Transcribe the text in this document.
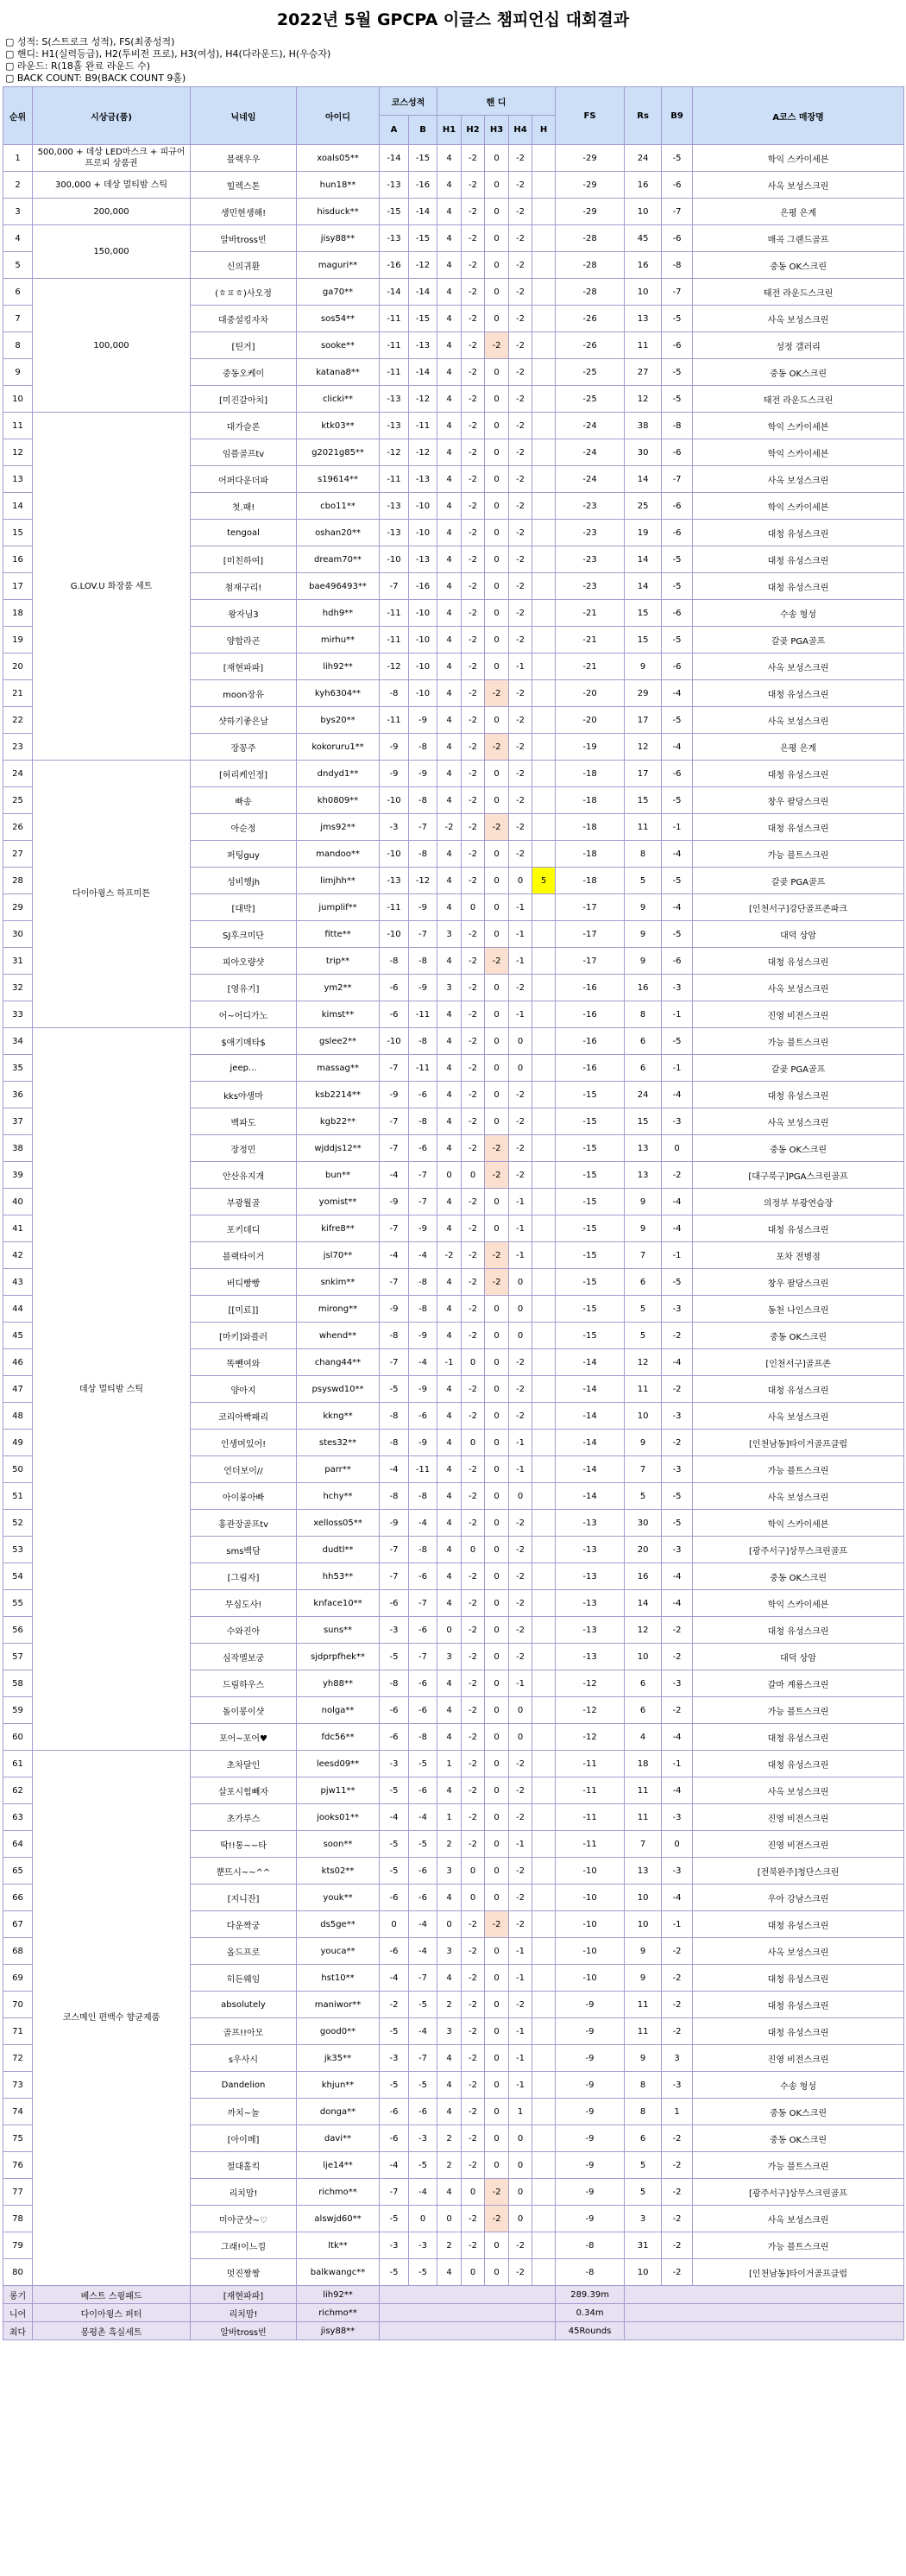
2022년 5월 GPCPA 이글스 챔피언십 대회결과
▢ 성적: S(스트로크 성적), FS(최종성적)
▢ 핸디: H1(실력등급), H2(투비전 프로), H3(여성), H4(다라운드), H(우승자)
▢ 라운드: R(18홀 완료 라운드 수)
▢ BACK COUNT: B9(BACK COUNT 9홀)
순위	시상금(품)	닉네임	아이디	코스성적		핸 디					FS	Rs	B9	A코스 매장명	
				A	B	H1	H2	H3	H4	H					
1	500,000 + 데상 LED마스크 + 피규어 프로피 상품권	블랙우우	xoals05**	-14	-15	4	-2	0	-2		-29	24	-5	학익 스카이세븐	
2	300,000 + 데상 멀티밤 스틱	힐렉스톤	hun18**	-13	-16	4	-2	0	-2		-29	16	-6	사옥 보성스크린	
3	200,000	생민현생해!	hisduck**	-15	-14	4	-2	0	-2		-29	10	-7	은평 은계	
4	150,000	알바tross빈	jisy88**	-13	-15	4	-2	0	-2		-28	45	-6	매곡 그랜드골프	
5		신의귀환	maguri**	-16	-12	4	-2	0	-2		-28	16	-8	중동 OK스크린	
6	100,000	(ㅎㅍㅎ)사오정	ga70**	-14	-14	4	-2	0	-2		-28	10	-7	태전 라운드스크린	
7		대중설킹자차	sos54**	-11	-15	4	-2	0	-2		-26	13	-5	사옥 보성스크린	
8		[틴거]	sooke**	-11	-13	4	-2	-2	-2		-26	11	-6	성정 갤러리	
9		중동오케이	katana8**	-11	-14	4	-2	0	-2		-25	27	-5	중동 OK스크린	
10		[미진갈아치]	clicki**	-13	-12	4	-2	0	-2		-25	12	-5	태전 라운드스크린	
11	G.LOV.U 화장품 세트	대가슬론	ktk03**	-13	-11	4	-2	0	-2		-24	38	-8	학익 스카이세븐	
12		임플골프tv	g2021g85**	-12	-12	4	-2	0	-2		-24	30	-6	학익 스카이세븐	
13		어퍼다운더파	s19614**	-11	-13	4	-2	0	-2		-24	14	-7	사옥 보성스크린	
14		첫.패!	cbo11**	-13	-10	4	-2	0	-2		-23	25	-6	학익 스카이세븐	
15		tengoal	oshan20**	-13	-10	4	-2	0	-2		-23	19	-6	대청 유성스크린	
16		[미친하여]	dream70**	-10	-13	4	-2	0	-2		-23	14	-5	대청 유성스크린	
17		첨재구리!	bae496493**	-7	-16	4	-2	0	-2		-23	14	-5	대청 유성스크린	
18		왕자님3	hdh9**	-11	-10	4	-2	0	-2		-21	15	-6	수송 형성	
19		양합라곤	mirhu**	-11	-10	4	-2	0	-2		-21	15	-5	갈곶 PGA골프	
20		[재현파파]	lih92**	-12	-10	4	-2	0	-1		-21	9	-6	사옥 보성스크린	
21		moon장유	kyh6304**	-8	-10	4	-2	-2	-2		-20	29	-4	대청 유성스크린	
22		샷하기좋은날	bys20**	-11	-9	4	-2	0	-2		-20	17	-5	사옥 보성스크린	
23		장꽁주	kokoruru1**	-9	-8	4	-2	-2	-2		-19	12	-4	은평 은계	
24	다이아윙스 하프미튼	[허리케인정]	dndyd1**	-9	-9	4	-2	0	-2		-18	17	-6	대청 유성스크린	
25		빠송	kh0809**	-10	-8	4	-2	0	-2		-18	15	-5	창우 팔당스크린	
26		아순정	jms92**	-3	-7	-2	-2	-2	-2		-18	11	-1	대청 유성스크린	
27		퍼팅guy	mandoo**	-10	-8	4	-2	0	-2		-18	8	-4	가능 블트스크린	
28		성비행jh	limjhh**	-13	-12	4	-2	0	0	5	-18	5	-5	갈곶 PGA골프	
29		[대박]	jumplif**	-11	-9	4	0	0	-1		-17	9	-4	[인천서구]강단골프존파크	
30		SJ후크미단	fitte**	-10	-7	3	-2	0	-1		-17	9	-5	대덕 상암	
31		피아오량샷	trip**	-8	-8	4	-2	-2	-1		-17	9	-6	대청 유성스크린	
32		[영유기]	ym2**	-6	-9	3	-2	0	-2		-16	16	-3	사옥 보성스크린	
33		어~어디가노	kimst**	-6	-11	4	-2	0	-1		-16	8	-1	진영 비전스크린	
34	데상 멀티밤 스틱	$애기매타$	gslee2**	-10	-8	4	-2	0	0		-16	6	-5	가능 블트스크린	
35		jeep...	massag**	-7	-11	4	-2	0	0		-16	6	-1	갈곶 PGA골프	
36		kks야생마	ksb2214**	-9	-6	4	-2	0	-2		-15	24	-4	대청 유성스크린	
37		백파도	kgb22**	-7	-8	4	-2	0	-2		-15	15	-3	사옥 보성스크린	
38		장정민	wjddjs12**	-7	-6	4	-2	-2	-2		-15	13	0	중동 OK스크린	
39		안산유지개	bun**	-4	-7	0	0	-2	-2		-15	13	-2	[대구북구]PGA스크린골프	
40		부광월골	yomist**	-9	-7	4	-2	0	-1		-15	9	-4	의정부 부광연습장	
41		포키데디	kifre8**	-7	-9	4	-2	0	-1		-15	9	-4	대청 유성스크린	
42		블랙타이거	jsl70**	-4	-4	-2	-2	-2	-1		-15	7	-1	포차 전병점	
43		버디빵빵	snkim**	-7	-8	4	-2	-2	0		-15	6	-5	창우 팔당스크린	
44		[[미료]]	mirong**	-9	-8	4	-2	0	0		-15	5	-3	동천 나인스크린	
45		[마키]와플러	whend**	-8	-9	4	-2	0	0		-15	5	-2	중동 OK스크린	
46		똑뺀여와	chang44**	-7	-4	-1	0	0	-2		-14	12	-4	[인천서구]골프존	
47		양아지	psyswd10**	-5	-9	4	-2	0	-2		-14	11	-2	대청 유성스크린	
48		코리아빡패리	kkng**	-8	-6	4	-2	0	-2		-14	10	-3	사옥 보성스크린	
49		인생머있어!	stes32**	-8	-9	4	0	0	-1		-14	9	-2	[인천남동]타이거골프클럽	
50		언더보이//	parr**	-4	-11	4	-2	0	-1		-14	7	-3	가능 블트스크린	
51		아이롱아빠	hchy**	-8	-8	4	-2	0	0		-14	5	-5	사옥 보성스크린	
52		홍관장골프tv	xelloss05**	-9	-4	4	-2	0	-2		-13	30	-5	학익 스카이세븐	
53		sms백담	dudtl**	-7	-8	4	0	0	-2		-13	20	-3	[광주서구]상무스크린골프	
54		[그림자]	hh53**	-7	-6	4	-2	0	-2		-13	16	-4	중동 OK스크린	
55		무심도사!	knface10**	-6	-7	4	-2	0	-2		-13	14	-4	학익 스카이세븐	
56		수와진아	suns**	-3	-6	0	-2	0	-2		-13	12	-2	대청 유성스크린	
57		심작멜보궁	sjdprpfhek**	-5	-7	3	-2	0	-2		-13	10	-2	대덕 상암	
58		드림하우스	yh88**	-8	-6	4	-2	0	-1		-12	6	-3	갈마 계룡스크린	
59		돌이봉이샷	nolga**	-6	-6	4	-2	0	0		-12	6	-2	가능 블트스크린	
60		포어~포어♥	fdc56**	-6	-8	4	-2	0	0		-12	4	-4	대청 유성스크린	
61	코스메인 편백수 향균제품	초차달인	leesd09**	-3	-5	1	-2	0	-2		-11	18	-1	대청 유성스크린	
62		살포시힘빼자	pjw11**	-5	-6	4	-2	0	-2		-11	11	-4	사옥 보성스크린	
63		초가루스	jooks01**	-4	-4	1	-2	0	-2		-11	11	-3	진영 비전스크린	
64		딱!!통~~타	soon**	-5	-5	2	-2	0	-1		-11	7	0	진영 비전스크린	
65		뿐뜨시~~^^	kts02**	-5	-6	3	0	0	-2		-10	13	-3	[전북완주]청단스크린	
66		[지니잔]	youk**	-6	-6	4	0	0	-2		-10	10	-4	우아 강남스크린	
67		다운짝궁	ds5ge**	0	-4	0	-2	-2	-2		-10	10	-1	대청 유성스크린	
68		올드프로	youca**	-6	-4	3	-2	0	-1		-10	9	-2	사옥 보성스크린	
69		히든웨임	hst10**	-4	-7	4	-2	0	-1		-10	9	-2	대청 유성스크린	
70		absolutely	maniwor**	-2	-5	2	-2	0	-2		-9	11	-2	대청 유성스크린	
71		골프!!아모	good0**	-5	-4	3	-2	0	-1		-9	11	-2	대청 유성스크린	
72		s우사시	jk35**	-3	-7	4	-2	0	-1		-9	9	3	진영 비전스크린	
73		Dandelion	khjun**	-5	-5	4	-2	0	-1		-9	8	-3	수송 형성	
74		까치~놀	donga**	-6	-6	4	-2	0	1		-9	8	1	중동 OK스크린	
75		[아이메]	davi**	-6	-3	2	-2	0	0		-9	6	-2	중동 OK스크린	
76		절대홀킥	lje14**	-4	-5	2	-2	0	0		-9	5	-2	가능 블트스크린	
77		리치맘!	richmo**	-7	-4	4	0	-2	0		-9	5	-2	[광주서구]상무스크린골프	
78		미야군샷~♡	alswjd60**	-5	0	0	-2	-2	0		-9	3	-2	사옥 보성스크린	
79		그래!이느낌	ltk**	-3	-3	2	-2	0	-2		-8	31	-2	가능 블트스크린	
80		멋진짱짱	balkwangc**	-5	-5	4	0	0	-2		-8	10	-2	[인천남동]타이거골프클럽	
롱기	베스트 스윙패드	[재현파파]	lih92**								289.39m		
니어	다이아윙스 퍼터	리치맘!	richmo**								0.34m		
최다	봉평촌 흑실세트	알바tross빈	jisy88**								45Rounds		
